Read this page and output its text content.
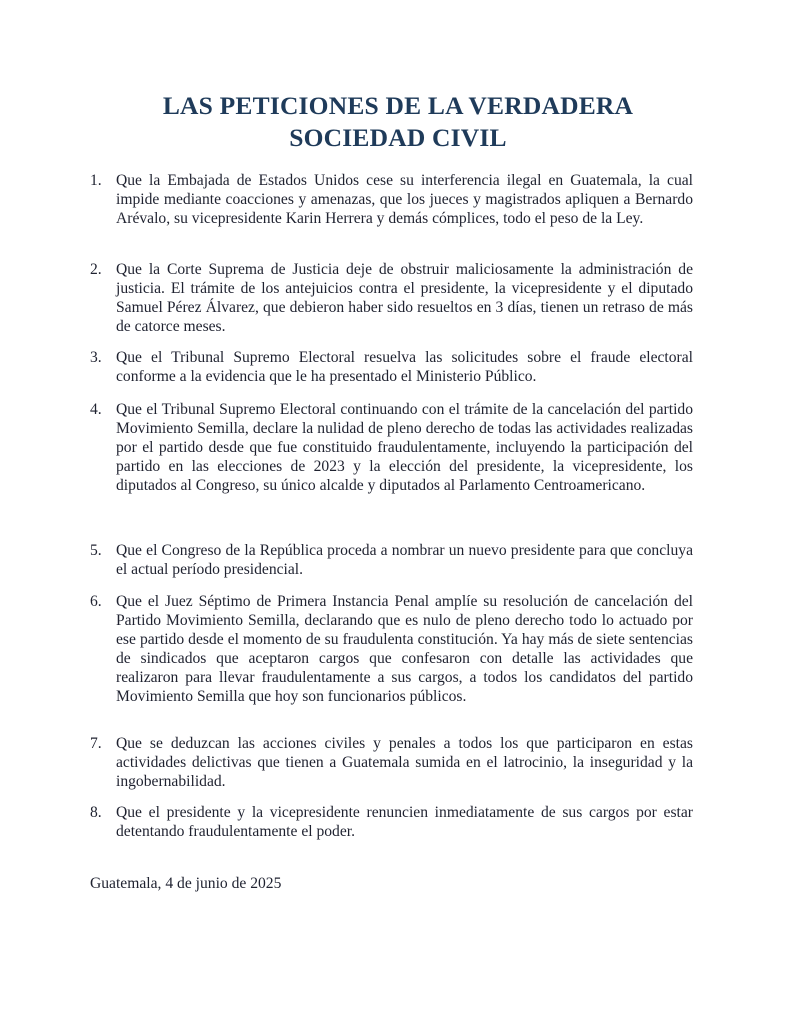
LAS PETICIONES DE LA VERDADERA
SOCIEDAD CIVIL
1. Que la Embajada de Estados Unidos cese su interferencia ilegal en Guatemala, la cual impide mediante coacciones y amenazas, que los jueces y magistrados apliquen a Bernardo Arévalo, su vicepresidente Karin Herrera y demás cómplices, todo el peso de la Ley.
2. Que la Corte Suprema de Justicia deje de obstruir maliciosamente la administración de justicia. El trámite de los antejuicios contra el presidente, la vicepresidente y el diputado Samuel Pérez Álvarez, que debieron haber sido resueltos en 3 días, tienen un retraso de más de catorce meses.
3. Que el Tribunal Supremo Electoral resuelva las solicitudes sobre el fraude electoral conforme a la evidencia que le ha presentado el Ministerio Público.
4. Que el Tribunal Supremo Electoral continuando con el trámite de la cancelación del partido Movimiento Semilla, declare la nulidad de pleno derecho de todas las actividades realizadas por el partido desde que fue constituido fraudulentamente, incluyendo la participación del partido en las elecciones de 2023 y la elección del presidente, la vicepresidente, los diputados al Congreso, su único alcalde y diputados al Parlamento Centroamericano.
5. Que el Congreso de la República proceda a nombrar un nuevo presidente para que concluya el actual período presidencial.
6. Que el Juez Séptimo de Primera Instancia Penal amplíe su resolución de cancelación del Partido Movimiento Semilla, declarando que es nulo de pleno derecho todo lo actuado por ese partido desde el momento de su fraudulenta constitución. Ya hay más de siete sentencias de sindicados que aceptaron cargos que confesaron con detalle las actividades que realizaron para llevar fraudulentamente a sus cargos, a todos los candidatos del partido Movimiento Semilla que hoy son funcionarios públicos.
7. Que se deduzcan las acciones civiles y penales a todos los que participaron en estas actividades delictivas que tienen a Guatemala sumida en el latrocinio, la inseguridad y la ingobernabilidad.
8. Que el presidente y la vicepresidente renuncien inmediatamente de sus cargos por estar detentando fraudulentamente el poder.
Guatemala, 4 de junio de 2025
